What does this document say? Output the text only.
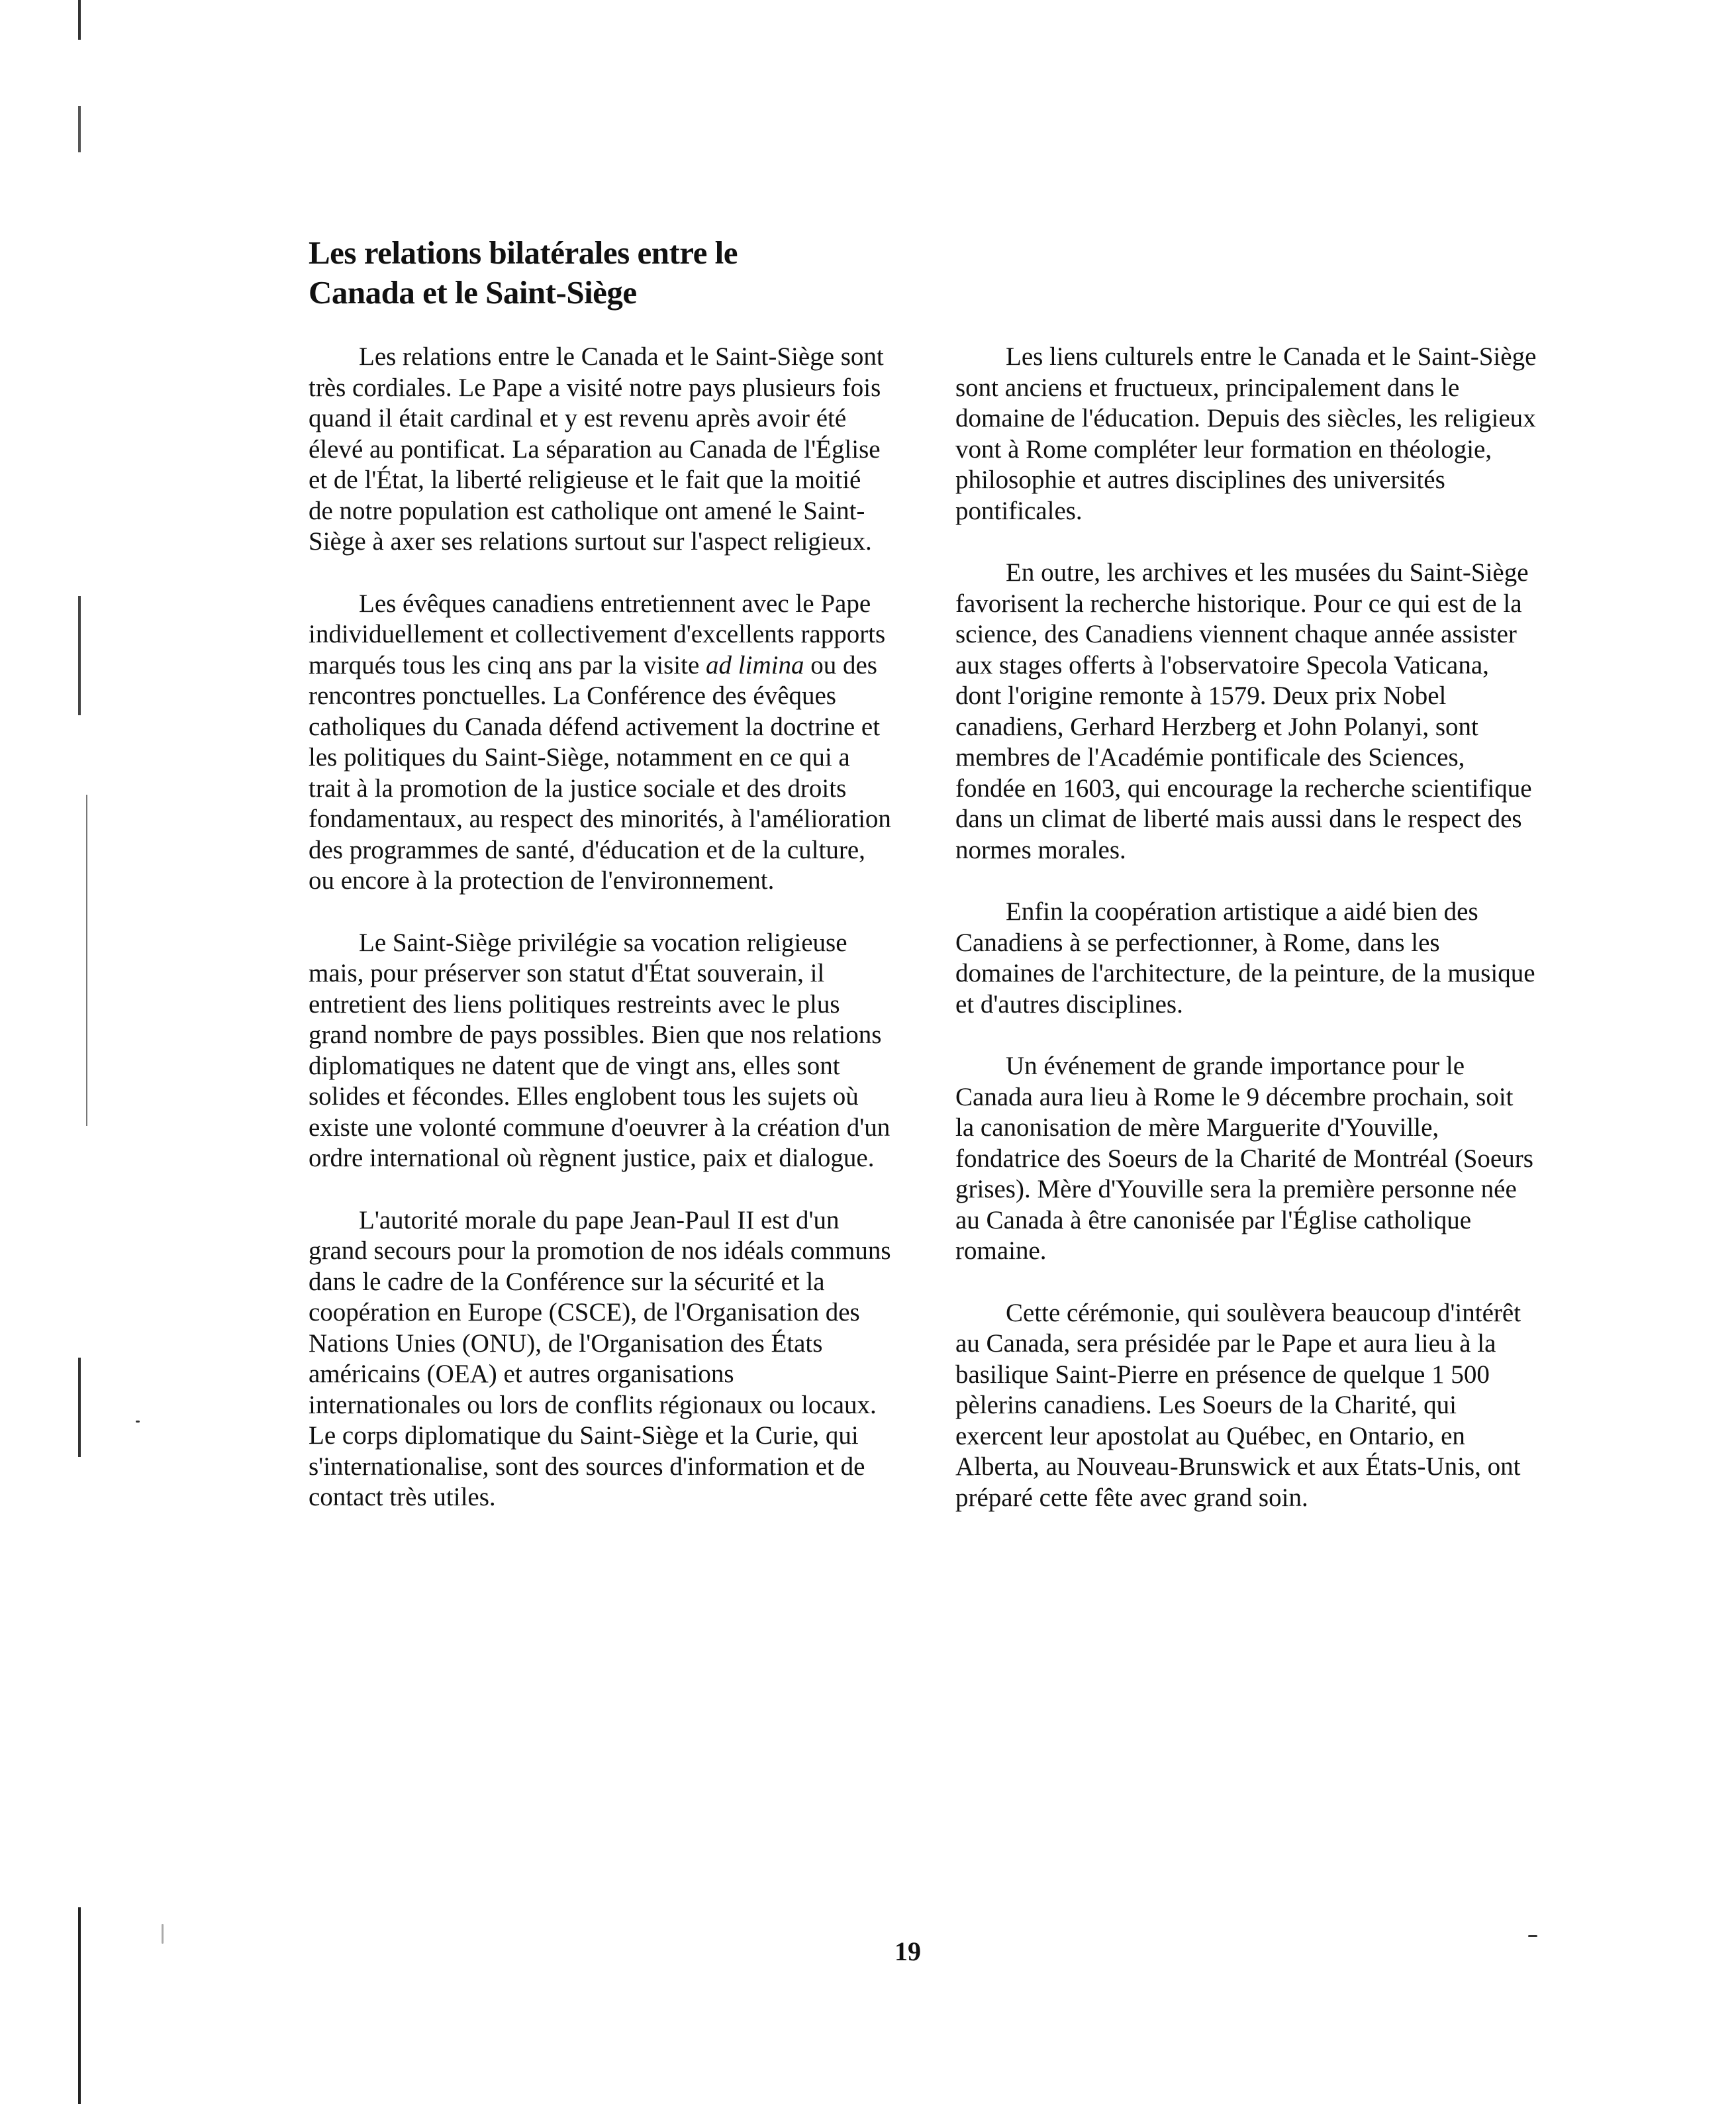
Les relations bilatérales entre le
Canada et le Saint-Siège

Les relations entre le Canada et le Saint-Siège sont très cordiales. Le Pape a visité notre pays plusieurs fois quand il était cardinal et y est revenu après avoir été élevé au pontificat. La séparation au Canada de l'Église et de l'État, la liberté religieuse et le fait que la moitié de notre population est catholique ont amené le Saint-Siège à axer ses relations surtout sur l'aspect religieux.

Les évêques canadiens entretiennent avec le Pape individuellement et collectivement d'excellents rapports marqués tous les cinq ans par la visite ad limina ou des rencontres ponctuelles. La Conférence des évêques catholiques du Canada défend activement la doctrine et les politiques du Saint-Siège, notamment en ce qui a trait à la promotion de la justice sociale et des droits fondamentaux, au respect des minorités, à l'amélioration des programmes de santé, d'éducation et de la culture, ou encore à la protection de l'environnement.

Le Saint-Siège privilégie sa vocation religieuse mais, pour préserver son statut d'État souverain, il entretient des liens politiques restreints avec le plus grand nombre de pays possibles. Bien que nos relations diplomatiques ne datent que de vingt ans, elles sont solides et fécondes. Elles englobent tous les sujets où existe une volonté commune d'oeuvrer à la création d'un ordre international où règnent justice, paix et dialogue.

L'autorité morale du pape Jean-Paul II est d'un grand secours pour la promotion de nos idéals communs dans le cadre de la Conférence sur la sécurité et la coopération en Europe (CSCE), de l'Organisation des Nations Unies (ONU), de l'Organisation des États américains (OEA) et autres organisations internationales ou lors de conflits régionaux ou locaux. Le corps diplomatique du Saint-Siège et la Curie, qui s'internationalise, sont des sources d'information et de contact très utiles.

Les liens culturels entre le Canada et le Saint-Siège sont anciens et fructueux, principalement dans le domaine de l'éducation. Depuis des siècles, les religieux vont à Rome compléter leur formation en théologie, philosophie et autres disciplines des universités pontificales.

En outre, les archives et les musées du Saint-Siège favorisent la recherche historique. Pour ce qui est de la science, des Canadiens viennent chaque année assister aux stages offerts à l'observatoire Specola Vaticana, dont l'origine remonte à 1579. Deux prix Nobel canadiens, Gerhard Herzberg et John Polanyi, sont membres de l'Académie pontificale des Sciences, fondée en 1603, qui encourage la recherche scientifique dans un climat de liberté mais aussi dans le respect des normes morales.

Enfin la coopération artistique a aidé bien des Canadiens à se perfectionner, à Rome, dans les domaines de l'architecture, de la peinture, de la musique et d'autres disciplines.

Un événement de grande importance pour le Canada aura lieu à Rome le 9 décembre prochain, soit la canonisation de mère Marguerite d'Youville, fondatrice des Soeurs de la Charité de Montréal (Soeurs grises). Mère d'Youville sera la première personne née au Canada à être canonisée par l'Église catholique romaine.

Cette cérémonie, qui soulèvera beaucoup d'intérêt au Canada, sera présidée par le Pape et aura lieu à la basilique Saint-Pierre en présence de quelque 1 500 pèlerins canadiens. Les Soeurs de la Charité, qui exercent leur apostolat au Québec, en Ontario, en Alberta, au Nouveau-Brunswick et aux États-Unis, ont préparé cette fête avec grand soin.

19
